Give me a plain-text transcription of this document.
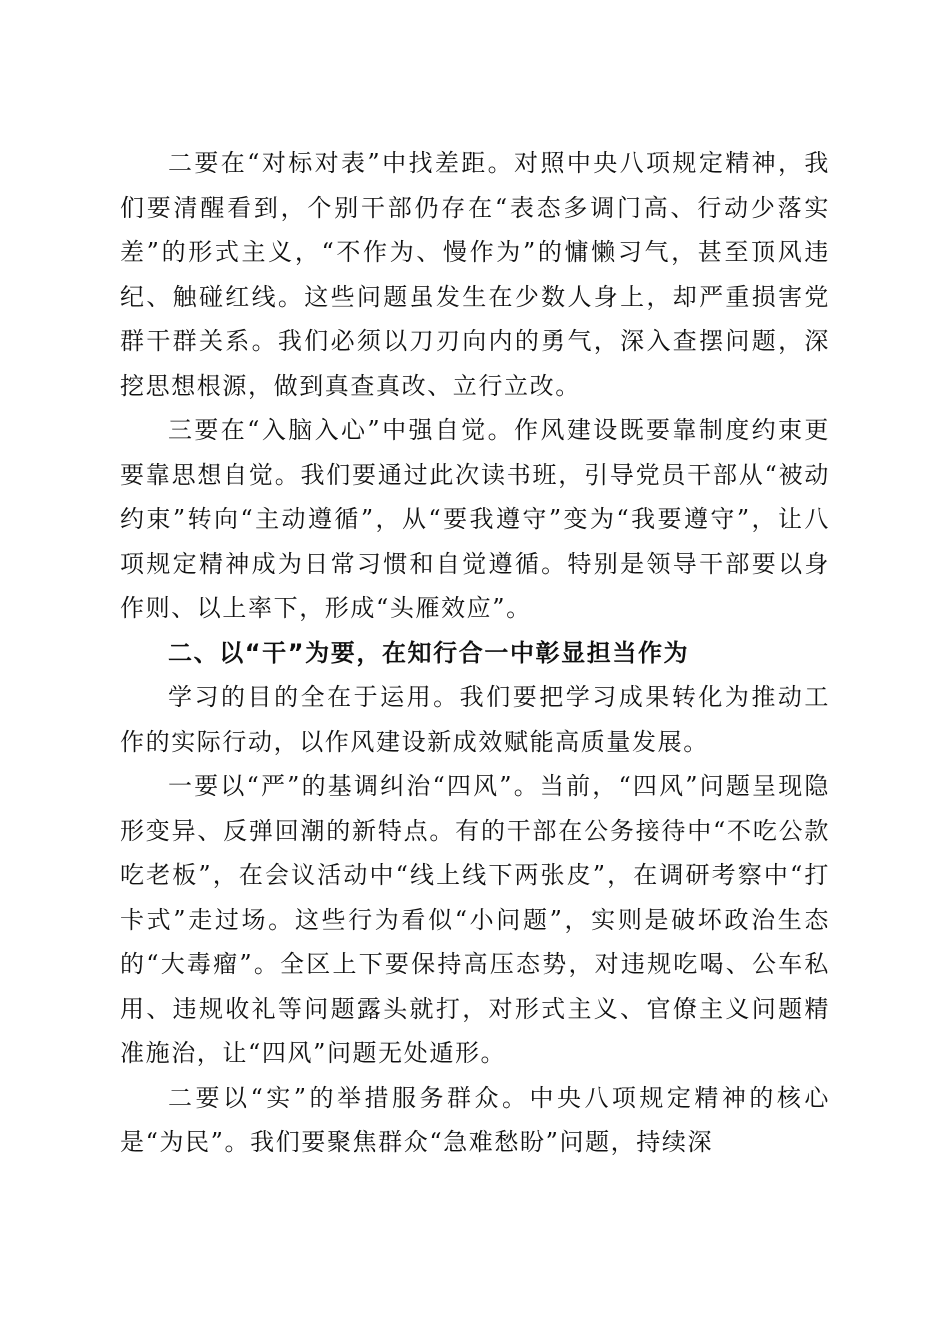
二要在“对标对表”中找差距。对照中央八项规定精神，我们要清醒看到，个别干部仍存在“表态多调门高、行动少落实差”的形式主义，“不作为、慢作为”的慵懒习气，甚至顶风违纪、触碰红线。这些问题虽发生在少数人身上，却严重损害党群干群关系。我们必须以刀刃向内的勇气，深入查摆问题，深挖思想根源，做到真查真改、立行立改。

三要在“入脑入心”中强自觉。作风建设既要靠制度约束更要靠思想自觉。我们要通过此次读书班，引导党员干部从“被动约束”转向“主动遵循”，从“要我遵守”变为“我要遵守”，让八项规定精神成为日常习惯和自觉遵循。特别是领导干部要以身作则、以上率下，形成“头雁效应”。

二、以“干”为要，在知行合一中彰显担当作为

学习的目的全在于运用。我们要把学习成果转化为推动工作的实际行动，以作风建设新成效赋能高质量发展。

一要以“严”的基调纠治“四风”。当前，“四风”问题呈现隐形变异、反弹回潮的新特点。有的干部在公务接待中“不吃公款吃老板”，在会议活动中“线上线下两张皮”，在调研考察中“打卡式”走过场。这些行为看似“小问题”，实则是破坏政治生态的“大毒瘤”。全区上下要保持高压态势，对违规吃喝、公车私用、违规收礼等问题露头就打，对形式主义、官僚主义问题精准施治，让“四风”问题无处遁形。

二要以“实”的举措服务群众。中央八项规定精神的核心是“为民”。我们要聚焦群众“急难愁盼”问题，持续深
